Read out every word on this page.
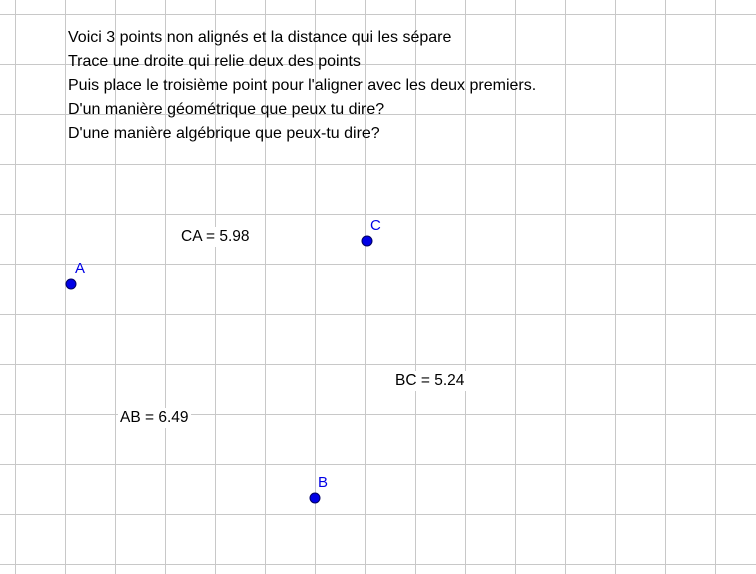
Voici 3 points non alignés et la distance qui les sépare
Trace une droite qui relie deux des points
Puis place le troisième point pour l'aligner avec les deux premiers.
D'un manière géométrique que peux tu dire?
D'une manière algébrique que peux-tu dire?
CA = 5.98
BC = 5.24
AB = 6.49
A
C
B
